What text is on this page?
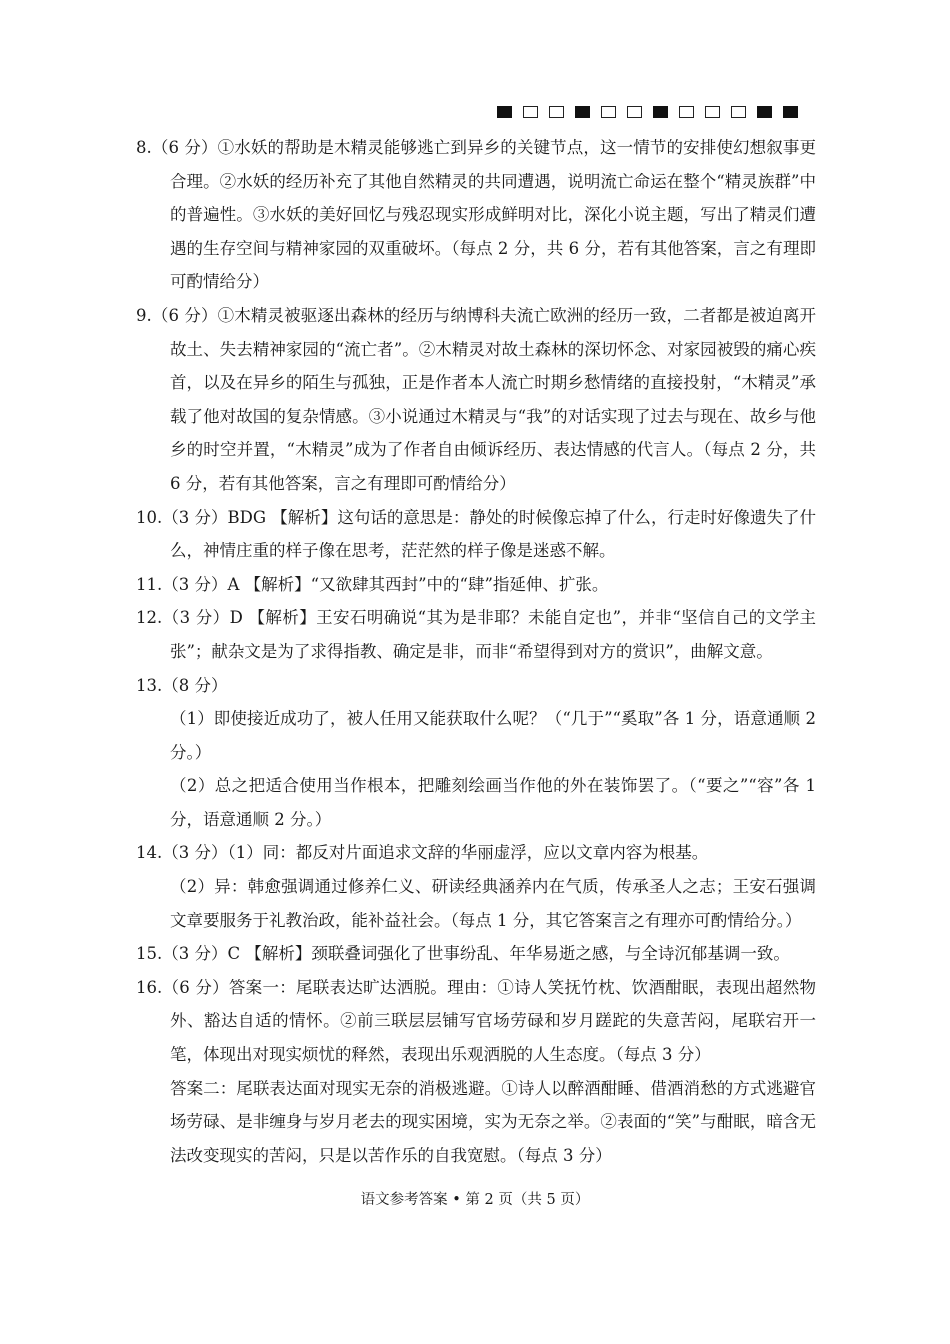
8.（6 分）①水妖的帮助是木精灵能够逃亡到异乡的关键节点，这一情节的安排使幻想叙事更合理。②水妖的经历补充了其他自然精灵的共同遭遇，说明流亡命运在整个“精灵族群”中的普遍性。③水妖的美好回忆与残忍现实形成鲜明对比，深化小说主题，写出了精灵们遭遇的生存空间与精神家园的双重破坏。（每点 2 分，共 6 分，若有其他答案，言之有理即可酌情给分）

9.（6 分）①木精灵被驱逐出森林的经历与纳博科夫流亡欧洲的经历一致，二者都是被迫离开故土、失去精神家园的“流亡者”。②木精灵对故土森林的深切怀念、对家园被毁的痛心疾首，以及在异乡的陌生与孤独，正是作者本人流亡时期乡愁情绪的直接投射，“木精灵”承载了他对故国的复杂情感。③小说通过木精灵与“我”的对话实现了过去与现在、故乡与他乡的时空并置，“木精灵”成为了作者自由倾诉经历、表达情感的代言人。（每点 2 分，共 6 分，若有其他答案，言之有理即可酌情给分）

10.（3 分）BDG 【解析】这句话的意思是：静处的时候像忘掉了什么，行走时好像遗失了什么，神情庄重的样子像在思考，茫茫然的样子像是迷惑不解。

11.（3 分）A 【解析】“又欲肆其西封”中的“肆”指延伸、扩张。

12.（3 分）D 【解析】王安石明确说“其为是非耶？未能自定也”，并非“坚信自己的文学主张”；献杂文是为了求得指教、确定是非，而非“希望得到对方的赏识”，曲解文意。

13.（8 分）

（1）即使接近成功了，被人任用又能获取什么呢？（“几于”“奚取”各 1 分，语意通顺 2 分。）

（2）总之把适合使用当作根本，把雕刻绘画当作他的外在装饰罢了。（“要之”“容”各 1 分，语意通顺 2 分。）

14.（3 分）（1）同：都反对片面追求文辞的华丽虚浮，应以文章内容为根基。

（2）异：韩愈强调通过修养仁义、研读经典涵养内在气质，传承圣人之志；王安石强调文章要服务于礼教治政，能补益社会。（每点 1 分，其它答案言之有理亦可酌情给分。）

15.（3 分）C 【解析】颈联叠词强化了世事纷乱、年华易逝之感，与全诗沉郁基调一致。

16.（6 分）答案一：尾联表达旷达洒脱。理由：①诗人笑抚竹枕、饮酒酣眠，表现出超然物外、豁达自适的情怀。②前三联层层铺写官场劳碌和岁月蹉跎的失意苦闷，尾联宕开一笔，体现出对现实烦忧的释然，表现出乐观洒脱的人生态度。（每点 3 分）

答案二：尾联表达面对现实无奈的消极逃避。①诗人以醉酒酣睡、借酒消愁的方式逃避官场劳碌、是非缠身与岁月老去的现实困境，实为无奈之举。②表面的“笑”与酣眠，暗含无法改变现实的苦闷，只是以苦作乐的自我宽慰。（每点 3 分）

语文参考答案 • 第 2 页（共 5 页）
